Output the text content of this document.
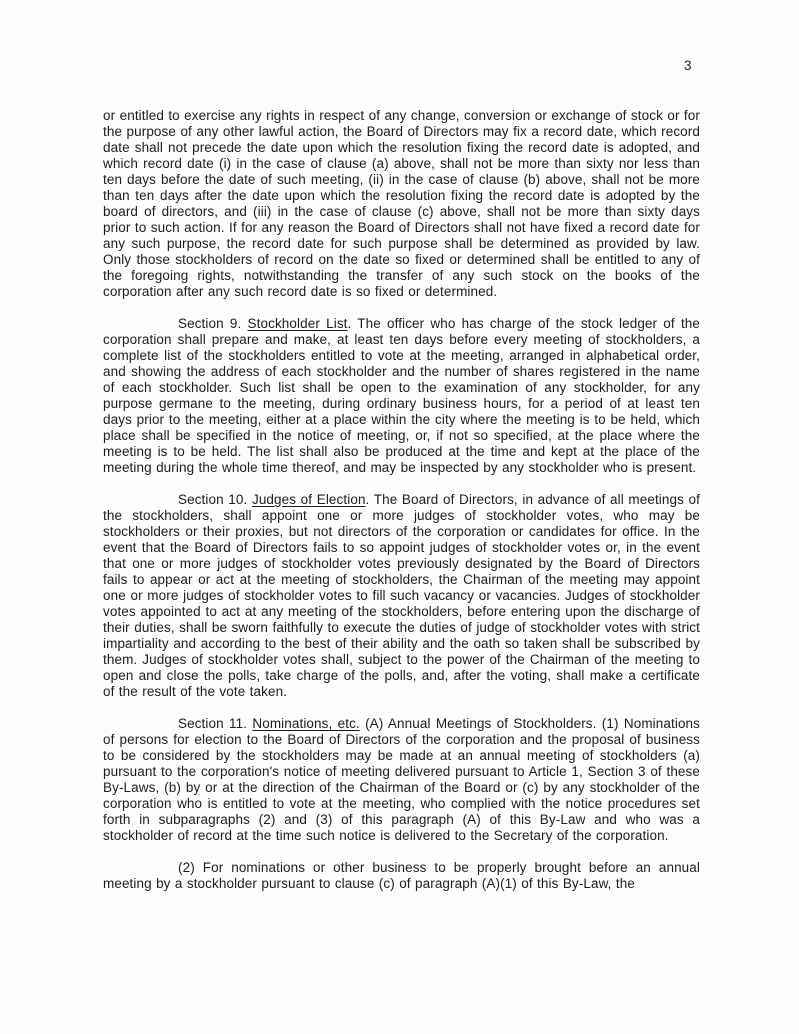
3

or entitled to exercise any rights in respect of any change, conversion or exchange of stock or for the purpose of any other lawful action, the Board of Directors may fix a record date, which record date shall not precede the date upon which the resolution fixing the record date is adopted, and which record date (i) in the case of clause (a) above, shall not be more than sixty nor less than ten days before the date of such meeting, (ii) in the case of clause (b) above, shall not be more than ten days after the date upon which the resolution fixing the record date is adopted by the board of directors, and (iii) in the case of clause (c) above, shall not be more than sixty days prior to such action. If for any reason the Board of Directors shall not have fixed a record date for any such purpose, the record date for such purpose shall be determined as provided by law. Only those stockholders of record on the date so fixed or determined shall be entitled to any of the foregoing rights, notwithstanding the transfer of any such stock on the books of the corporation after any such record date is so fixed or determined.

Section 9. Stockholder List. The officer who has charge of the stock ledger of the corporation shall prepare and make, at least ten days before every meeting of stockholders, a complete list of the stockholders entitled to vote at the meeting, arranged in alphabetical order, and showing the address of each stockholder and the number of shares registered in the name of each stockholder. Such list shall be open to the examination of any stockholder, for any purpose germane to the meeting, during ordinary business hours, for a period of at least ten days prior to the meeting, either at a place within the city where the meeting is to be held, which place shall be specified in the notice of meeting, or, if not so specified, at the place where the meeting is to be held. The list shall also be produced at the time and kept at the place of the meeting during the whole time thereof, and may be inspected by any stockholder who is present.

Section 10. Judges of Election. The Board of Directors, in advance of all meetings of the stockholders, shall appoint one or more judges of stockholder votes, who may be stockholders or their proxies, but not directors of the corporation or candidates for office. In the event that the Board of Directors fails to so appoint judges of stockholder votes or, in the event that one or more judges of stockholder votes previously designated by the Board of Directors fails to appear or act at the meeting of stockholders, the Chairman of the meeting may appoint one or more judges of stockholder votes to fill such vacancy or vacancies. Judges of stockholder votes appointed to act at any meeting of the stockholders, before entering upon the discharge of their duties, shall be sworn faithfully to execute the duties of judge of stockholder votes with strict impartiality and according to the best of their ability and the oath so taken shall be subscribed by them. Judges of stockholder votes shall, subject to the power of the Chairman of the meeting to open and close the polls, take charge of the polls, and, after the voting, shall make a certificate of the result of the vote taken.

Section 11. Nominations, etc. (A) Annual Meetings of Stockholders. (1) Nominations of persons for election to the Board of Directors of the corporation and the proposal of business to be considered by the stockholders may be made at an annual meeting of stockholders (a) pursuant to the corporation's notice of meeting delivered pursuant to Article 1, Section 3 of these By-Laws, (b) by or at the direction of the Chairman of the Board or (c) by any stockholder of the corporation who is entitled to vote at the meeting, who complied with the notice procedures set forth in subparagraphs (2) and (3) of this paragraph (A) of this By-Law and who was a stockholder of record at the time such notice is delivered to the Secretary of the corporation.

(2) For nominations or other business to be properly brought before an annual meeting by a stockholder pursuant to clause (c) of paragraph (A)(1) of this By-Law, the
